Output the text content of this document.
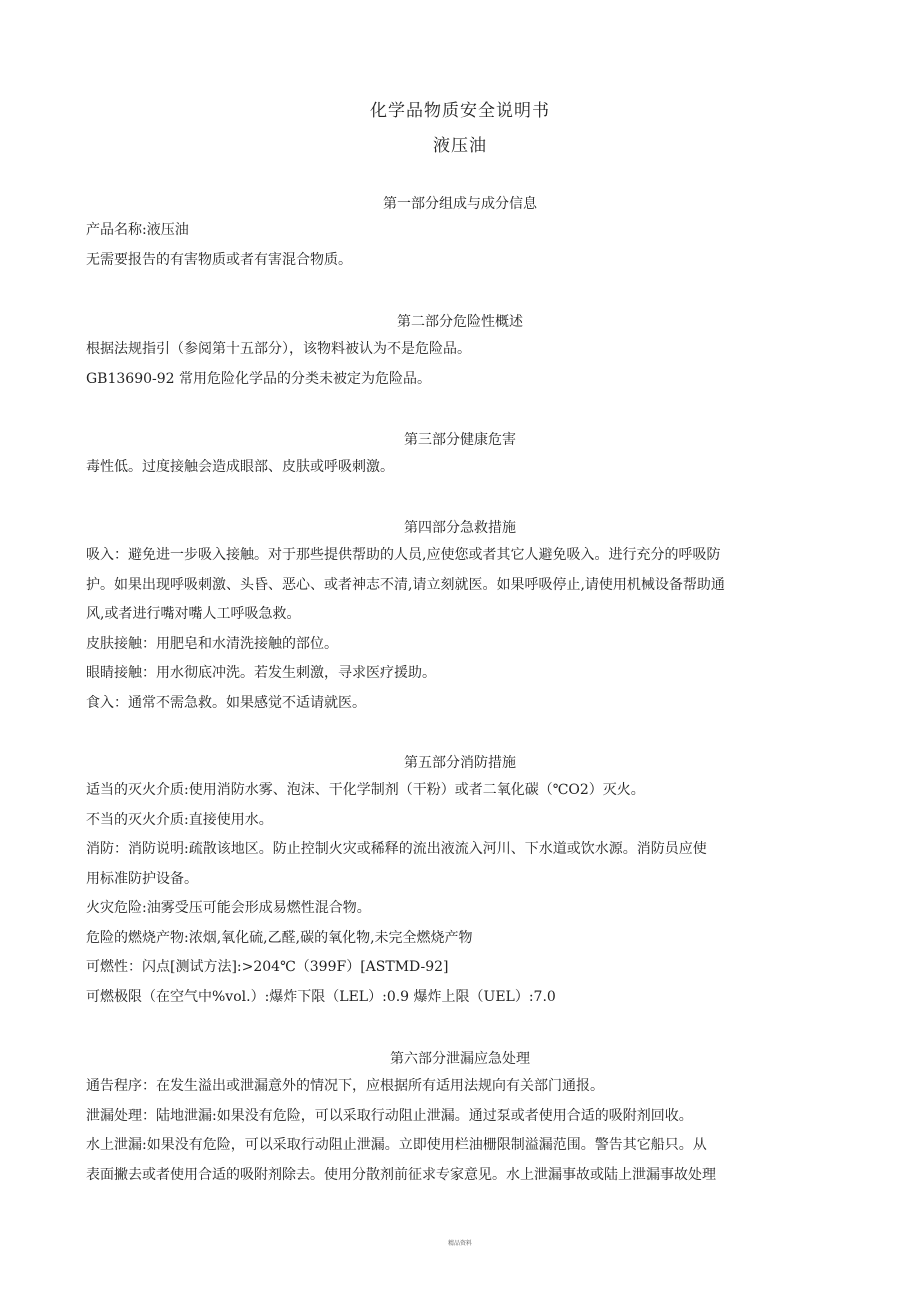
化学品物质安全说明书
液压油
第一部分组成与成分信息
产品名称:液压油
无需要报告的有害物质或者有害混合物质。
第二部分危险性概述
根据法规指引（参阅第十五部分），该物料被认为不是危险品。
GB13690-92 常用危险化学品的分类未被定为危险品。
第三部分健康危害
毒性低。过度接触会造成眼部、皮肤或呼吸刺激。
第四部分急救措施
吸入：避免进一步吸入接触。对于那些提供帮助的人员,应使您或者其它人避免吸入。进行充分的呼吸防
护。如果出现呼吸刺激、头昏、恶心、或者神志不清,请立刻就医。如果呼吸停止,请使用机械设备帮助通
风,或者进行嘴对嘴人工呼吸急救。
皮肤接触：用肥皂和水清洗接触的部位。
眼睛接触：用水彻底冲洗。若发生刺激，寻求医疗援助。
食入：通常不需急救。如果感觉不适请就医。
第五部分消防措施
适当的灭火介质:使用消防水雾、泡沫、干化学制剂（干粉）或者二氧化碳（℃O2）灭火。
不当的灭火介质:直接使用水。
消防：消防说明:疏散该地区。防止控制火灾或稀释的流出液流入河川、下水道或饮水源。消防员应使
用标准防护设备。
火灾危险:油雾受压可能会形成易燃性混合物。
危险的燃烧产物:浓烟,氧化硫,乙醛,碳的氧化物,未完全燃烧产物
可燃性：闪点[测试方法]:>204℃（399F）[ASTMD-92]
可燃极限（在空气中%vol.）:爆炸下限（LEL）:0.9 爆炸上限（UEL）:7.0
第六部分泄漏应急处理
通告程序：在发生溢出或泄漏意外的情况下，应根据所有适用法规向有关部门通报。
泄漏处理：陆地泄漏:如果没有危险，可以采取行动阻止泄漏。通过泵或者使用合适的吸附剂回收。
水上泄漏:如果没有危险，可以采取行动阻止泄漏。立即使用栏油栅限制溢漏范围。警告其它船只。从
表面撇去或者使用合适的吸附剂除去。使用分散剂前征求专家意见。水上泄漏事故或陆上泄漏事故处理
精品资料
